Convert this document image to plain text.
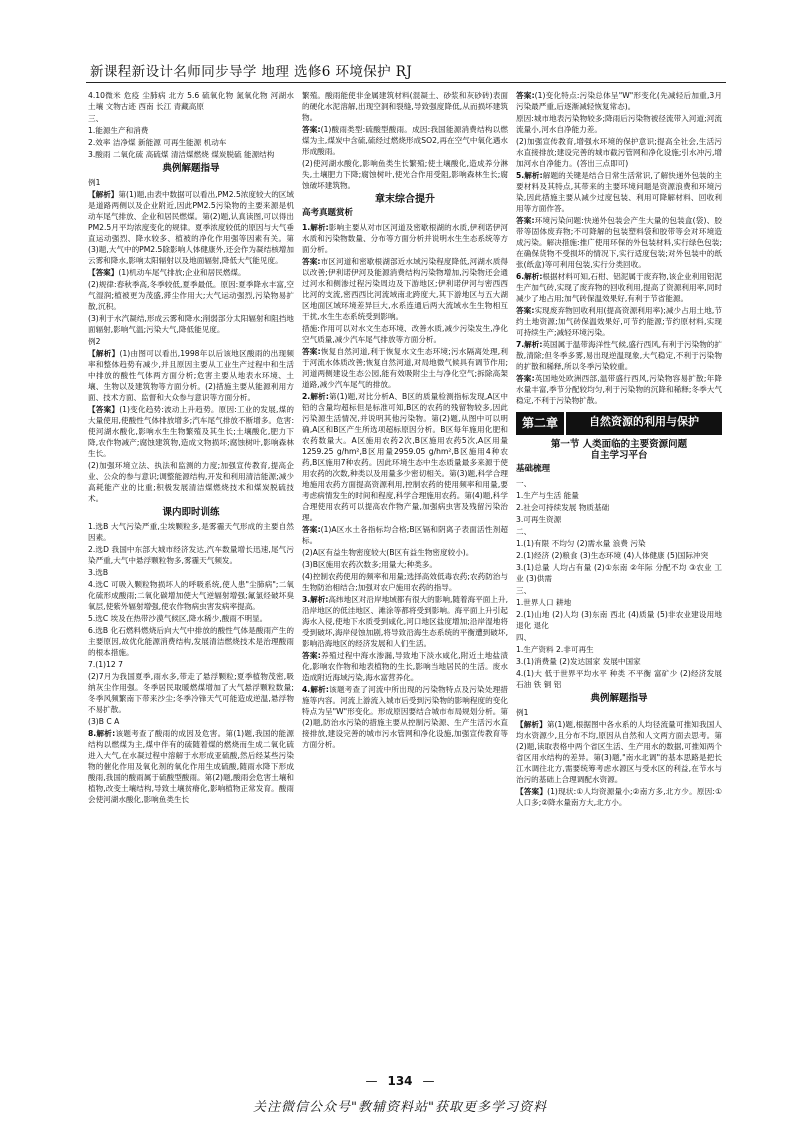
新课程新设计名师同步导学 地理 选修6 环境保护 RJ

4.10微米 危疫 尘肺病 北方 5.6 硫氧化物 氮氧化物 河湖水 土壤 文物古迹 西南 长江 青藏高原

三、

1.能源生产和消费

2.效率 洁净煤 新能源 可再生能源 机动车

3.酸雨 二氧化硫 高硫煤 清洁煤燃烧 煤炭脱硫 能源结构

典例解题指导

例1

【解析】第(1)题,由表中数据可以看出,PM2.5浓度较大的区域是道路两侧以及企业附近,因此PM2.5污染物的主要来源是机动车尾气排放、企业和居民燃煤。第(2)题,认真读图,可以得出PM2.5月平均浓度变化的规律。夏季浓度较低的原因与大气垂直运动强烈、降水较多、植被的净化作用强等因素有关。第(3)题,大气中的PM2.5除影响人体健康外,还会作为凝结核增加云雾和降水,影响太阳辐射以及地面辐射,降低大气能见度。

【答案】(1)机动车尾气排放;企业和居民燃煤。

(2)规律:春秋季高,冬季较低,夏季最低。原因:夏季降水丰富,空气湿润;植被更为茂盛,滞尘作用大;大气运动强烈,污染物易扩散,沉积。

(3)利于水汽凝结,形成云雾和降水;削弱部分太阳辐射和阻挡地面辐射,影响气温;污染大气,降低能见度。

例2

【解析】(1)由图可以看出,1998年以后该地区酸雨的出现频率和整体趋势有减少,并且原因主要从工业生产过程中和生活中排放的酸性气体两方面分析;危害主要从地表水环境、土壤、生物以及建筑物等方面分析。(2)措施主要从能源利用方面、技术方面、监督和大众参与意识等方面分析。

【答案】(1)变化趋势:波动上升趋势。原因:工业的发展,煤的大量使用,使酸性气体排放增多;汽车尾气排放不断增多。危害:使河湖水酸化,影响水生生物繁殖及其生长;土壤酸化,肥力下降,农作物减产;腐蚀建筑物,造成文物损坏;腐蚀树叶,影响森林生长。

(2)加强环境立法、执法和监测的力度;加强宣传教育,提高企业、公众的参与意识;调整能源结构,开发和利用清洁能源;减少高耗能产业的比重;积极发展清洁煤燃烧技术和煤炭脱硫技术。

课内即时训练

1.选B 大气污染严重,尘埃颗粒多,是雾霾天气形成的主要自然因素。

2.选D 我国中东部大城市经济发达,汽车数量增长迅速,尾气污染严重,大气中悬浮颗粒物多,雾霾天气频发。

3.选B

4.选C 可吸入颗粒物损坏人的呼吸系统,使人患"尘肺病";二氧化硫形成酸雨;二氧化碳增加使大气逆辐射增强;氟氯烃破坏臭氧层,使紫外辐射增强,使农作物病虫害发病率提高。

5.选C 埃及在热带沙漠气候区,降水稀少,酸雨不明显。

6.选B 化石燃料燃烧后向大气中排放的酸性气体是酸雨产生的主要原因,故优化能源消费结构,发展清洁燃烧技术是治理酸雨的根本措施。

7.(1)12 7

(2)7月为我国夏季,雨水多,带走了悬浮颗粒;夏季植物茂密,吸纳灰尘作用强。冬季居民取暖燃煤增加了大气悬浮颗粒数量;冬季风频繁南下带来沙尘;冬季冷锋天气可能造成逆温,悬浮物不易扩散。

(3)B C A

8.解析:该题考查了酸雨的成因及危害。第(1)题,我国的能源结构以燃煤为主,煤中伴有的硫随着煤的燃烧而生成二氧化硫进入大气,在水凝过程中溶解于水形成亚硫酸,然后经某些污染物的催化作用及氧化剂的氧化作用生成硫酸,随雨水降下形成酸雨,我国的酸雨属于硫酸型酸雨。第(2)题,酸雨会危害土壤和植物,改变土壤结构,导致土壤贫瘠化,影响植物正常发育。酸雨会使河湖水酸化,影响鱼类生长

繁殖。酸雨能使非金属建筑材料(混凝土、砂浆和灰砂砖)表面的硬化水泥溶解,出现空洞和裂缝,导致强度降低,从而损坏建筑物。

答案:(1)酸雨类型:硫酸型酸雨。成因:我国能源消费结构以燃煤为主,煤炭中含硫,硫经过燃烧形成SO2,再在空气中氧化遇水形成酸雨。

(2)使河湖水酸化,影响鱼类生长繁殖;使土壤酸化,造成养分淋失,土壤肥力下降;腐蚀树叶,使光合作用受阻,影响森林生长;腐蚀破坏建筑物。

章末综合提升
高考真题赏析

1.解析:影响主要从对市区河道及密歇根湖的水质,伊利诺伊河水质和污染物数量、分布等方面分析并说明水生生态系统等方面分析。

答案:市区河道和密歇根湖部近水域污染程度降低,河湖水质得以改善;伊利诺伊河及能源消费结构污染物增加,污染物还会通过河水和侧渗过程污染周边及下游地区;伊利诺伊河与密西西比河的支流,密西西比河流域南北跨度大,其下游地区与五大湖区地面区域环境差异巨大,水系连通后两大流域水生生物相互干扰,水生生态系统受到影响。

措施:作用可以对水文生态环境、改善水质,减少污染发生,净化空气质量,减少汽车尾气排放等方面分析。

答案:恢复自然河道,利于恢复水文生态环境;污水隔离处理,利于河流水体质改善;恢复自然河道,对局地微气候具有调节作用;河道两侧建设生态公园,能有效吸附尘土与净化空气;拆除高架道路,减少汽车尾气的排放。

2.解析:第(1)题,对比分析A、B区的质量检测指标发现,A区中铅的含量均超标但是标准可知,B区的农药的残留物较多,因此污染源生活情况,并说明其他污染物。第(2)题,从图中可以明确,A区和B区产生所选项超标原因分析。B区每年施用化肥和农药数量大。A区施用农药2次,B区施用农药5次,A区用量1259.25 g/hm²,B区用量2959.05 g/hm²,B区施用4种农药,B区施用7种农药。因此环境生态中生态质量最多来源于使用农药的次数,种类以及用量多少密切相关。第(3)题,科学合理地施用农药方面提高资源利用,控制农药的使用频率和用量,要考虑病情发生的时间和程度,科学合理施用农药。第(4)题,科学合理使用农药可以提高农作物产量,加强病虫害及残留污染治理。

答案:(1)A区水土各指标均合格;B区镉和阴离子表面活性剂超标。

(2)A区有益生物密度较大(B区有益生物密度较小)。

(3)B区施用农药次数多;用量大;种类多。

(4)控制农药使用的频率和用量;选择高效低毒农药;农药防治与生物防治相结合;加强对农户施用农药的指导。

3.解析:高纬地区对沿岸地域都有很大的影响,随着海平面上升,沿岸地区的低洼地区、滩涂等都将受到影响。海平面上升引起海水入侵,使地下水质受到咸化,河口地区盐度增加;沿岸湿地将受到破坏,海岸侵蚀加剧,将导致沿海生态系统的平衡遭到破坏,影响沿海地区的经济发展和人们生活。

答案:养殖过程中海水渗漏,导致地下淡水咸化,附近土地盐渍化,影响农作物和地表植物的生长,影响当地居民的生活。废水造成附近海域污染,海水富营养化。

4.解析:该题考查了河流中所出现的污染物特点及污染处理措施等内容。河流上游流入城市后受到污染物的影响程度的变化特点为呈"W"形变化。形成原因要结合城市布局规划分析。第(2)题,防治水污染的措施主要从控制污染源、生产生活污水直接排放,建设完善的城市污水管网和净化设施,加强宣传教育等方面分析。

答案:(1)变化特点:污染总体呈"W"形变化(先减轻后加重,3月污染最严重,后逐渐减轻恢复常态)。

原因:城市地表污染物较多;降雨后污染物被径流带入河道;河流流量小,河水自净能力差。

(2)加强宣传教育,增强水环境的保护意识;提高全社会,生活污水直接排放;建设完善的城市截污管网和净化设施;引水冲污,增加河水自净能力。(答出三点即可)

5.解析:解题的关键是结合日常生活常识,了解快递外包装的主要材料及其特点,其带来的主要环境问题是资源浪费和环境污染,因此措施主要从减少过度包装、利用可降解材料、回收利用等方面作答。

答案:环境污染问题:快递外包装会产生大量的包装盒(袋)、胶带等固体废弃物;不可降解的包装塑料袋和胶带等会对环境造成污染。解决措施:推广使用环保的外包装材料,实行绿色包装;在确保货物不受损坏的情况下,实行适度包装;对外包装中的纸张(纸盒)等可利用包装,实行分类回收。

6.解析:根据材料可知,石柑、铝泥属于废弃物,该企业利用铝泥生产加气砖,实现了废弃物的回收利用,提高了资源利用率,同时减少了地占用;加气砖保温效果好,有利于节省能源。

答案:实现废弃物回收利用(提高资源利用率);减少占用土地,节约土地资源;加气砖保温效果好,可节约能源;节约原材料,实现可持续生产;减轻环境污染。

7.解析:英国属于温带海洋性气候,盛行西风,有利于污染物的扩散,清除;但冬季多雾,易出现逆温现象,大气稳定,不利于污染物的扩散和稀释,所以冬季污染较重。

答案:英国地处欧洲西部,温带盛行西风,污染物容易扩散;年降水量丰富,季节分配较均匀,利于污染物的沉降和稀释;冬季大气稳定,不利于污染物扩散。

第二章	自然资源的利用与保护
第一节 人类面临的主要资源问题
自主学习平台
基础梳理

一、

1.生产与生活 能量

2.社会可持续发展 物质基础

3.可再生资源

二、

1.(1)有限 不均匀 (2)需水量 浪费 污染

2.(1)经济 (2)粮食 (3)生态环境 (4)人体健康 (5)国际冲突

3.(1)总量 人均占有量 (2)①东南 ②年际 分配不均 ③农业 工业 (3)供需

三、

1.世界人口 耕地

2.(1)山地 (2)人均 (3)东南 西北 (4)质量 (5)非农业建设用地 退化 退化

四、

1.生产资料 2.非可再生

3.(1)消费量 (2)发达国家 发展中国家

4.(1)大 低于世界平均水平 种类 不平衡 富矿少 (2)经济发展 石油 铁 铜 铝

典例解题指导

例1

【解析】第(1)题,根据图中各水系的人均径流量可推知我国人均水资源少,且分布不均,原因从自然和人文两方面去思考。第(2)题,读取表格中两个省区生活、生产用水的数据,可推知两个省区用水结构的差异。第(3)题,"南水北调"的基本思路是把长江水调往北方,需要统筹考虑水源区与受水区的利益,在节水与治污的基础上合理调配水资源。

【答案】(1)现状:①人均资源量小;②南方多,北方少。原因:①人口多;②降水量南方大,北方小。

— 134 —
关注微信公众号"教辅资料站"获取更多学习资料
